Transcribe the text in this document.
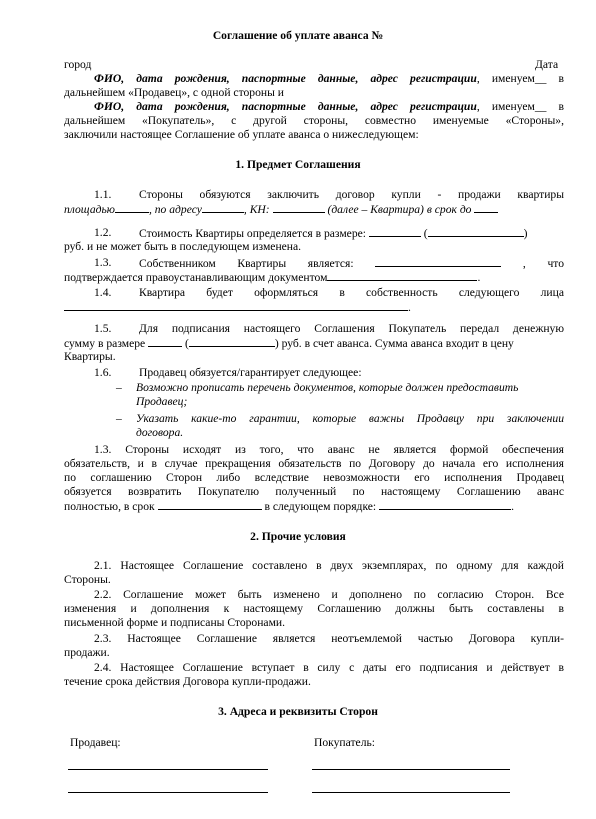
Соглашение об уплате аванса №
город	Дата
ФИО, дата рождения, паспортные данные, адрес регистрации, именуем__ в
дальнейшем «Продавец», с одной стороны и
ФИО, дата рождения, паспортные данные, адрес регистрации, именуем__ в
дальнейшем «Покупатель», с другой стороны, совместно именуемые «Стороны»,
заключили настоящее Соглашение об уплате аванса о нижеследующем:
1. Предмет Соглашения
1.1. Стороны обязуются заключить договор купли - продажи квартиры
площадью	, по адресу	, КН:	(далее – Квартира) в срок до
1.2. Стоимость Квартиры определяется в размере:	(	)
руб. и не может быть в последующем изменена.
1.3. Собственником Квартиры является:	, что
подтверждается правоустанавливающим документом	.
1.4. Квартира будет оформляться в собственность следующего лица
.
1.5. Для подписания настоящего Соглашения Покупатель передал денежную
сумму в размере	(	) руб. в счет аванса. Сумма аванса входит в цену
Квартиры.
1.6. Продавец обязуется/гарантирует следующее:
– Возможно прописать перечень документов, которые должен предоставить
Продавец;
– Указать какие-то гарантии, которые важны Продавцу при заключении
договора.
1.3. Стороны исходят из того, что аванс не является формой обеспечения
обязательств, и в случае прекращения обязательств по Договору до начала его исполнения
по соглашению Сторон либо вследствие невозможности его исполнения Продавец
обязуется возвратить Покупателю полученный по настоящему Соглашению аванс
полностью, в срок	в следующем порядке:	.
2. Прочие условия
2.1. Настоящее Соглашение составлено в двух экземплярах, по одному для каждой
Стороны.
2.2. Соглашение может быть изменено и дополнено по согласию Сторон. Все
изменения и дополнения к настоящему Соглашению должны быть составлены в
письменной форме и подписаны Сторонами.
2.3. Настоящее Соглашение является неотъемлемой частью Договора купли-
продажи.
2.4. Настоящее Соглашение вступает в силу с даты его подписания и действует в
течение срока действия Договора купли-продажи.
3. Адреса и реквизиты Сторон
Продавец:	Покупатель:
